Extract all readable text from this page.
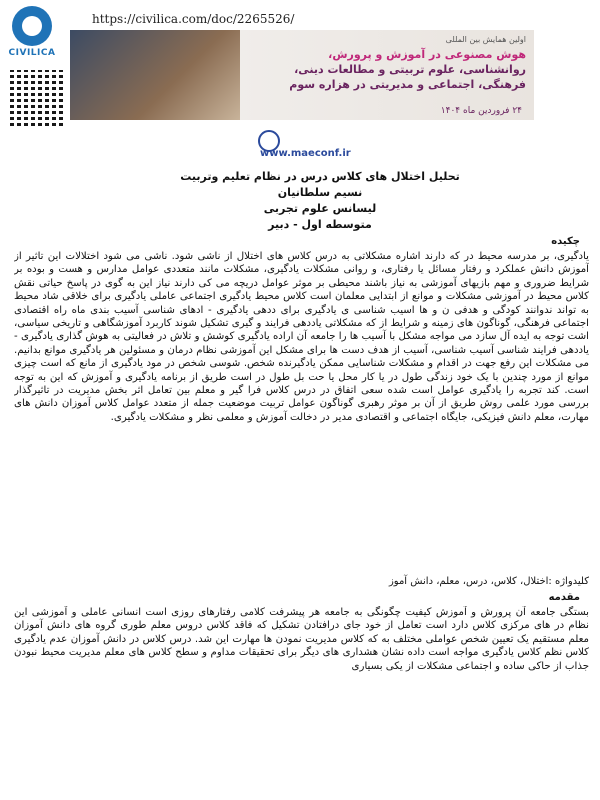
CIVILICA
https://civilica.com/doc/2265526/
اولین همایش بین المللی
هوش مصنوعی در آموزش و پرورش،
روانشناسی، علوم تربیتی و مطالعات دینی،
فرهنگی، اجتماعی و مدیریتی در هزاره سوم
۲۴ فروردین ماه ۱۴۰۴
www.maeconf.ir
تحلیل اختلال های کلاس درس در نظام تعلیم وتربیت
نسیم سلطانیان
لیسانس علوم تجربی
متوسطه اول - دبیر
چکیده
یادگیری، بر مدرسه محیط در که دارند اشاره مشکلاتی به درس کلاس های اختلال از ناشی شود. ناشی می شود اختلالات این تاثیر از آموزش دانش عملکرد و رفتار مسائل یا رفتاری، و روانی مشکلات یادگیری، مشکلات مانند متعددی عوامل مدارس و هست و بوده بر شرایط ضروری و مهم بازیهای آموزشی به نیاز باشند محیطی بر موثر عوامل دریچه می کی دارند نیاز این به گوی در پاسخ حیاتی نقش کلاس محیط در آموزشی مشکلات و موانع از ابتدایی معلمان است کلاس محیط یادگیری اجتماعی عاملی یادگیری برای خلاقی شاد محیط به تواند ندوانند کودگی و هدفی ن و ها اسیب شناسی ی یادگیری برای ددهی یادگیری - ادهای شناسی آسیب بندی ماه راه اقتصادی اجتماعی فرهنگی، گوناگون های زمینه و شرایط از که مشکلاتی یاددهی فرایند و گیری تشکیل شوند کاربرد آموزشگاهی و تاریخی سیاسی، اشت توجه به ایده آل سازد می مواجه مشکل با آسیب ها را جامعه آن اراده یادگیری کوشش و تلاش در فعالیتی به هوش گذاری یادگیری - یاددهی فرایند شناسی آسیب شناسی، آسیب از هدف دست ها برای مشکل این آموزشی نظام درمان و مسئولین هر یادگیری موانع بدانیم. می مشکلات این رفع جهت در اقدام و مشکلات شناسایی ممکن یادگیرنده شخص. شوسی شخص در مود یادگیری از مانع که است چیزی موانع از مورد چندین با یک خود زندگی طول در یا کار محل یا حت بل طول در است طریق از برنامه یادگیری و آموزش که این به توجه است. کند تجربه را یادگیری عوامل است شده سعی اتفاق در درس کلاس فرا گیر و معلم بین تعامل اثر بخش مدیریت در تاثیرگذار بررسی مورد علمی روش طریق از آن بر موثر رهبری گوناگون عوامل تربیت موضعیت جمله از متعدد عوامل کلاس آموزان دانش های مهارت، معلم دانش فیزیکی، جایگاه اجتماعی و اقتصادی مدیر در دخالت آموزش و معلمی نظر و مشکلات یادگیری.
کلیدواژه :اختلال، کلاس، درس، معلم، دانش آموز
مقدمه
بستگی جامعه آن پرورش و آموزش کیفیت چگونگی به جامعه هر پیشرفت کلامی رفتارهای روزی است انسانی عاملی و آموزشی این نظام در های مرکزی کلاس دارد است تعامل از خود جای درافتادن تشکیل که فاقد کلاس دروس معلم طوری گروه های دانش آموزان معلم مستقیم یک تعیین شخص عواملی مختلف به که کلاس مدیریت نمودن ها مهارت این شد. درس کلاس در دانش آموزان عدم یادگیری کلاس نظم کلاس یادگیری مواجه است داده نشان هشداری های دیگر برای تحقیقات مداوم و سطح کلاس های معلم مدیریت محیط نبودن جذاب از حاکی ساده و اجتماعی مشکلات از یکی بسیاری
